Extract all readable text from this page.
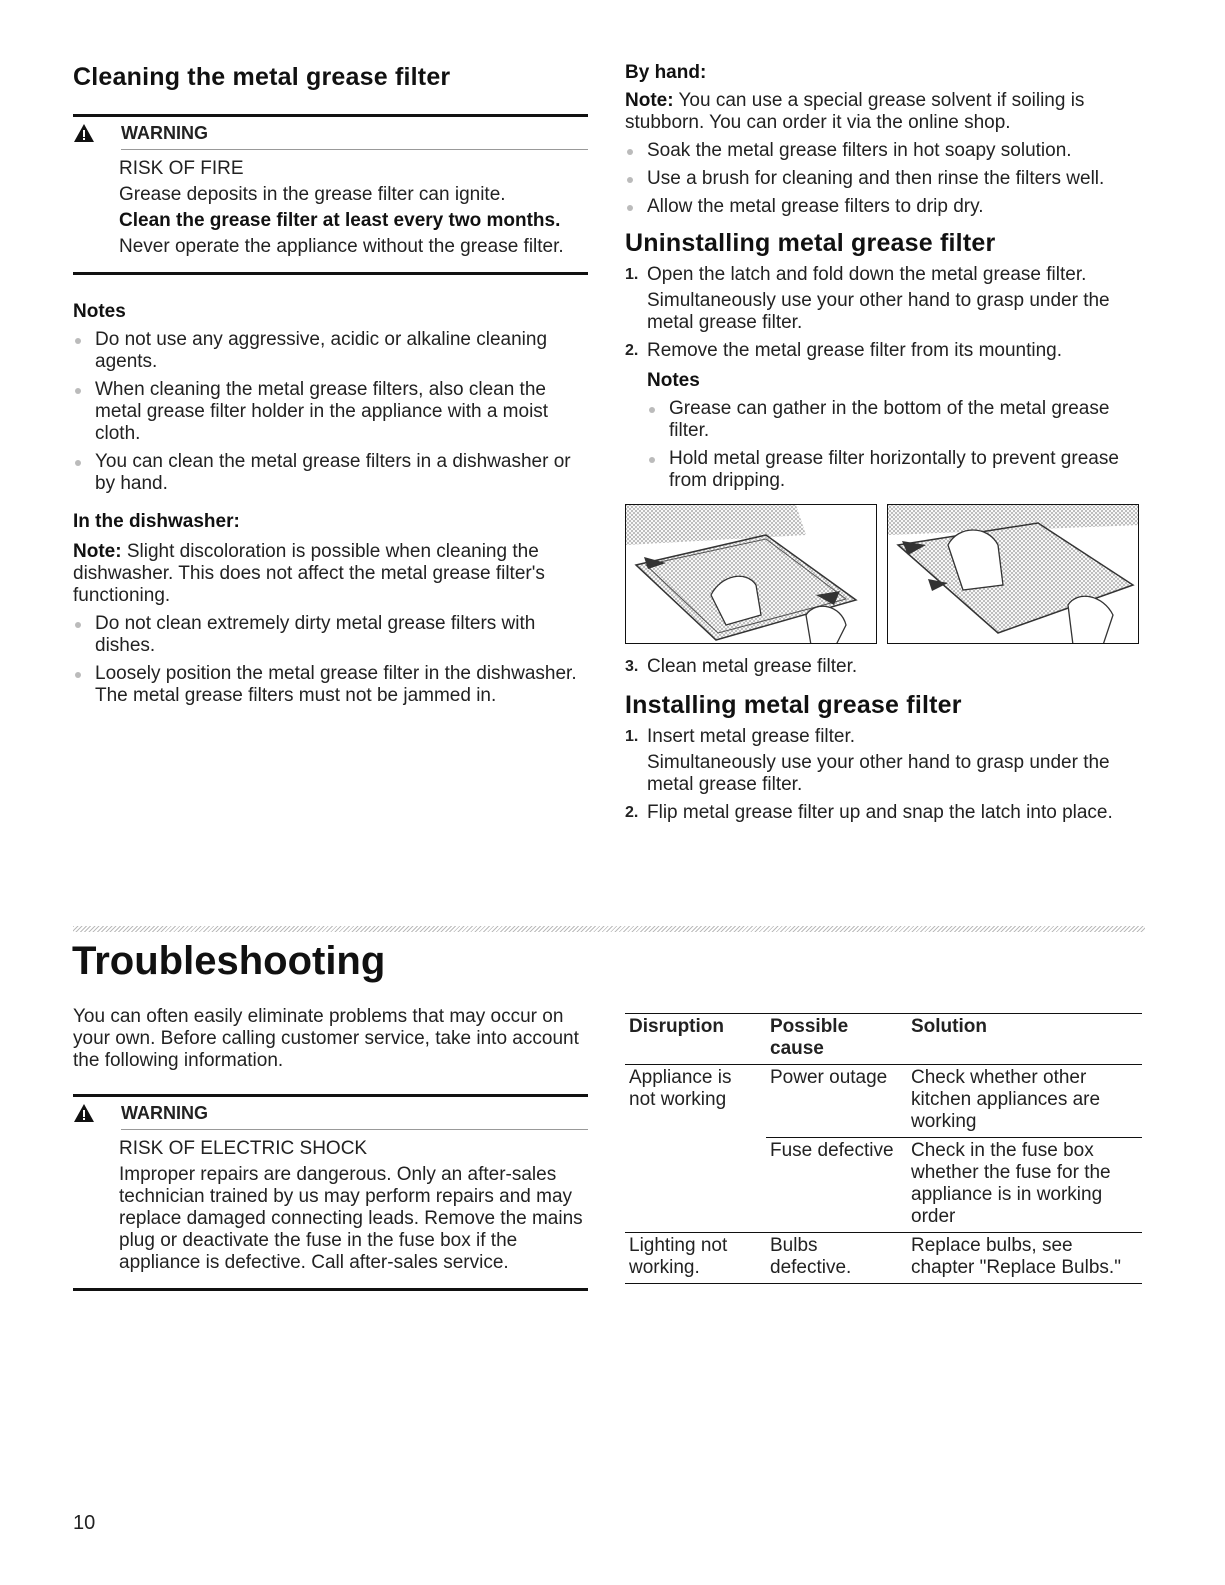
Cleaning the metal grease filter
WARNING

RISK OF FIRE

Grease deposits in the grease filter can ignite.

Clean the grease filter at least every two months.

Never operate the appliance without the grease filter.

Notes
Do not use any aggressive, acidic or alkaline cleaning agents.
When cleaning the metal grease filters, also clean the metal grease filter holder in the appliance with a moist cloth.
You can clean the metal grease filters in a dishwasher or by hand.
In the dishwasher:

Note: Slight discoloration is possible when cleaning the dishwasher. This does not affect the metal grease filter's functioning.

Do not clean extremely dirty metal grease filters with dishes.
Loosely position the metal grease filter in the dishwasher. The metal grease filters must not be jammed in.
By hand:

Note: You can use a special grease solvent if soiling is stubborn. You can order it via the online shop.

Soak the metal grease filters in hot soapy solution.
Use a brush for cleaning and then rinse the filters well.
Allow the metal grease filters to drip dry.
Uninstalling metal grease filter
1. Open the latch and fold down the metal grease filter.

Simultaneously use your other hand to grasp under the metal grease filter.

2. Remove the metal grease filter from its mounting.

Notes
Grease can gather in the bottom of the metal grease filter.
Hold metal grease filter horizontally to prevent grease from dripping.
3. Clean metal grease filter.

Installing metal grease filter
1. Insert metal grease filter.

Simultaneously use your other hand to grasp under the metal grease filter.

2. Flip metal grease filter up and snap the latch into place.

Troubleshooting

You can often easily eliminate problems that may occur on your own. Before calling customer service, take into account the following information.

WARNING

RISK OF ELECTRIC SHOCK

Improper repairs are dangerous. Only an after-sales technician trained by us may perform repairs and may replace damaged connecting leads. Remove the mains plug or deactivate the fuse in the fuse box if the appliance is defective. Call after-sales service.

Disruption	Possible cause	Solution
Appliance is not working	Power outage	Check whether other kitchen appliances are working
	Fuse defective	Check in the fuse box whether the fuse for the appliance is in working order
Lighting not working.	Bulbs defective.	Replace bulbs, see chapter "Replace Bulbs."
10
